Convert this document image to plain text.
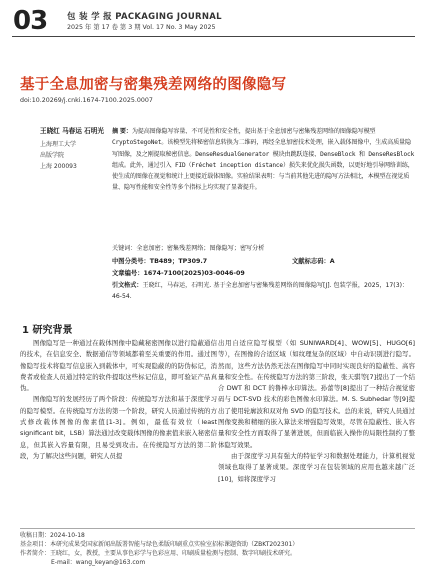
03 包 装 学 报 PACKAGING JOURNAL
2025 年 第 17 卷 第 3 期 Vol. 17 No. 3 May 2025
基于全息加密与密集残差网络的图像隐写
doi:10.20269/j.cnki.1674-7100.2025.0007
王晓红 马春运 石明光
上海理工大学
出版学院
上海 200093
摘 要：为提高图像隐写容量、不可见性和安全性，提出基于全息加密与密集残差网络的图像隐写模型 CryptoStegoNet。该模型先将秘密信息转换为二维码，再经全息加密技术处理，嵌入载体图像中，生成高质量隐写图像，及之刚提取秘密信息。DenseResdualGenerator 模块由跳跃连接、DenseBlock 和 DenseResBlock 组成。此外，通过引入 FID（Fréchet inception distance）损失来优化损失函数，以更好地引导网络训练，使生成的图像在视觉和统计上更接近载体图像。实验结果表明：与当前其他先进的隐写方法相比，本模型在视觉质量、隐写性能和安全性等多个指标上均实现了显著提升。
关键词：全息加密；密集残差网络；图像隐写；密写分析
中图分类号：TB489；TP309.7	文献标志码：A
文章编号：1674-7100(2025)03-0046-09
引文格式：王晓红，马春运，石明光. 基于全息加密与密集残差网络的图像隐写[J]. 包装学报，2025，17(3)：46-54.
1 研究背景

图像隐写是一种通过在载体图像中隐藏秘密图像以进行隐蔽通信的技术，在信息安全、数据通信等领域都着至关重要的作用。通过图像隐写技术将隐写信息嵌入到载体中，可实现隐蔽的的防伪标记，消费者或检查人员通过特定的软件提取这些标记信息，即可验证产品真伪。

图像隐写的发展经历了两个阶段：传统隐写方法和基于深度学习的隐写模型。在传统隐写方法的第一个阶段，研究人员通过传统的方式修改载体图像的像素值[1-3]。例如，最低有效位（least significant bit，LSB）算法通过改变载体图像的像素值来嵌入秘密信息，但其嵌入容量有限，且易受到攻击。在传统隐写方法的第二阶段，为了解决这些问题，研究人员提

出用自适应隐写模型（如 SUNIWARD[4]、WOW[5]、HUGO[6]等），在图像的合适区域（如纹理复杂的区域）中自动识别进行隐写。然而，这些方法仍然无法在图像隐写中同时实现良好的隐蔽性、高容量和安全性。在传统隐写方法的第三阶段，张天骐等[7]提出了一个结合 DWT 和 DCT 的鲁棒水印算法。孙蕾等[8]提出了一种结合视觉密码与 DCT-SVD 技术的彩色图像水印算法。M. S. Subhedar 等[9]提出了使用轮廓波和双对角 SVD 的隐写技术。总的来说，研究人员通过图像变换和精细的嵌入算法来增强隐写效果，尽管在隐蔽性、嵌入容量和安全性方面取得了显著进展，但面临嵌入操作的局限性制约了整体隐写效果。

由于深度学习具有强大的特征学习和数据处理能力，计算机视觉领域也取得了显著成果。深度学习在包装领域的应用也越来越广泛[10]，如将深度学习

收稿日期：2024-10-18
基金项目：本研究成果受国家新闻出版署智能与绿色柔版印刷重点实验室招标课题资助（ZBKT202301）
作者简介：王晓红，女，教授，主要从事色彩学与色彩应用、印刷质量检测与控制、数字印刷技术研究。
E-mail：wang_keyan@163.com
